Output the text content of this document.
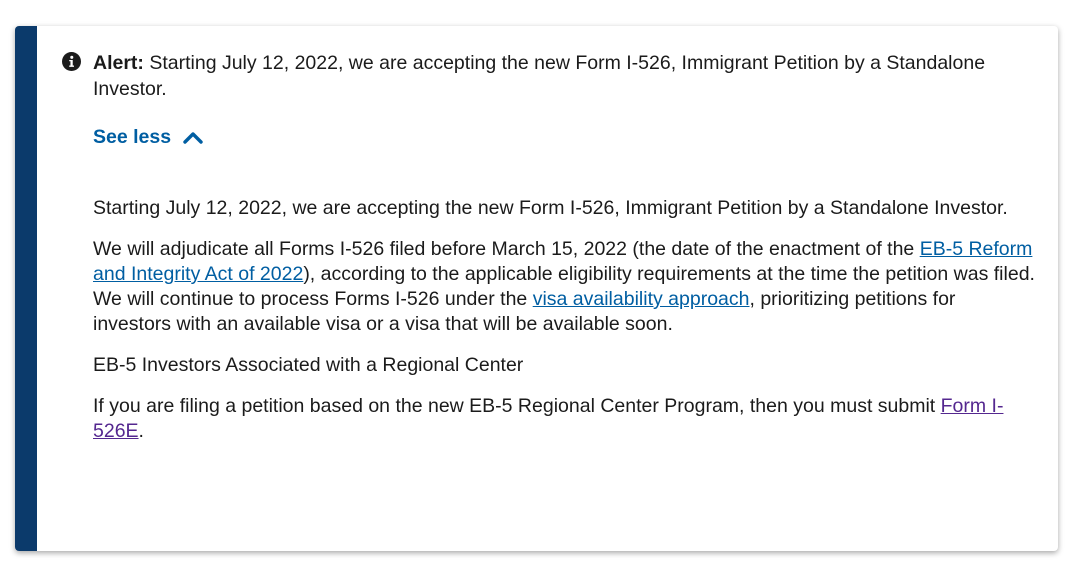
Alert: Starting July 12, 2022, we are accepting the new Form I-526, Immigrant Petition by a Standalone Investor.
See less

Starting July 12, 2022, we are accepting the new Form I-526, Immigrant Petition by a Standalone Investor.

We will adjudicate all Forms I-526 filed before March 15, 2022 (the date of the enactment of the EB-5 Reform and Integrity Act of 2022), according to the applicable eligibility requirements at the time the petition was filed. We will continue to process Forms I-526 under the visa availability approach, prioritizing petitions for investors with an available visa or a visa that will be available soon.

EB-5 Investors Associated with a Regional Center

If you are filing a petition based on the new EB-5 Regional Center Program, then you must submit Form I-526E.
